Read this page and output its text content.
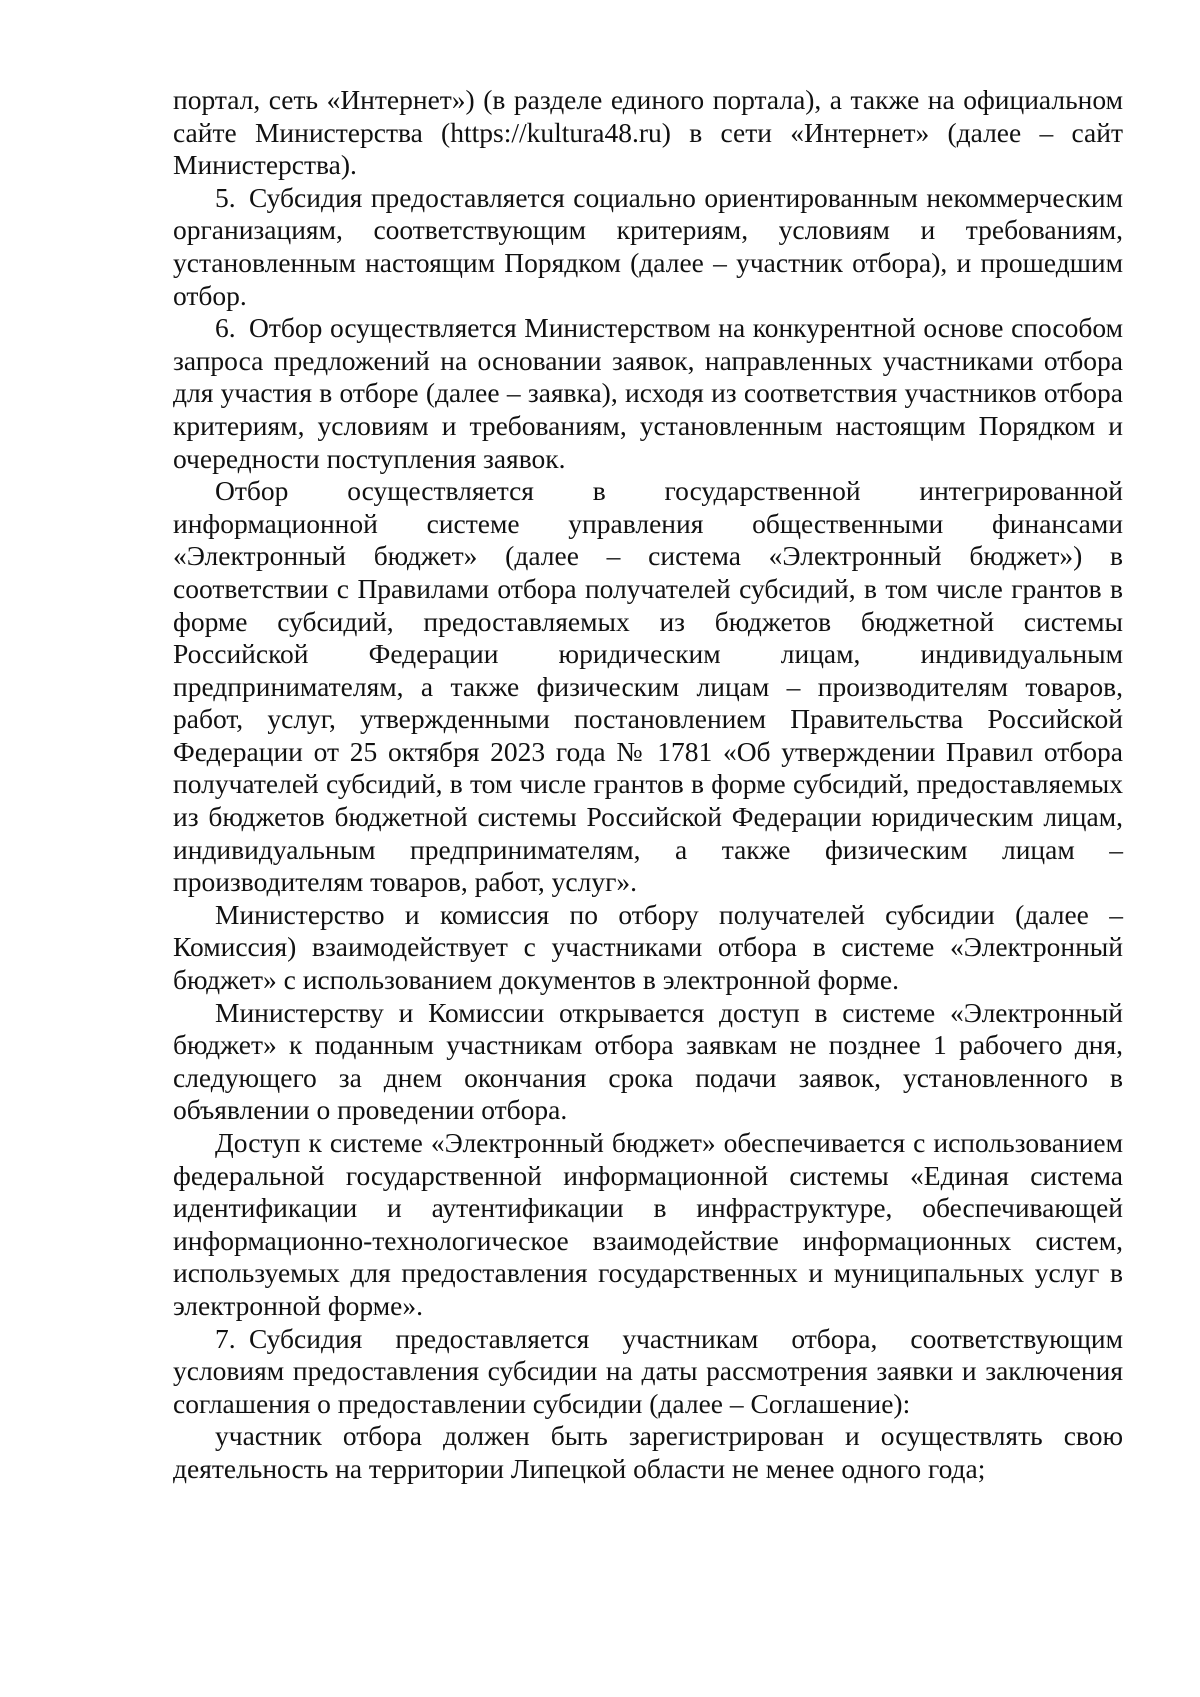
портал, сеть «Интернет») (в разделе единого портала), а также на официальном сайте Министерства (https://kultura48.ru) в сети «Интернет» (далее – сайт Министерства).

5. Субсидия предоставляется социально ориентированным некоммерческим организациям, соответствующим критериям, условиям и требованиям, установленным настоящим Порядком (далее – участник отбора), и прошедшим отбор.

6. Отбор осуществляется Министерством на конкурентной основе способом запроса предложений на основании заявок, направленных участниками отбора для участия в отборе (далее – заявка), исходя из соответствия участников отбора критериям, условиям и требованиям, установленным настоящим Порядком и очередности поступления заявок.

Отбор осуществляется в государственной интегрированной информационной системе управления общественными финансами «Электронный бюджет» (далее – система «Электронный бюджет») в соответствии с Правилами отбора получателей субсидий, в том числе грантов в форме субсидий, предоставляемых из бюджетов бюджетной системы Российской Федерации юридическим лицам, индивидуальным предпринимателям, а также физическим лицам – производителям товаров, работ, услуг, утвержденными постановлением Правительства Российской Федерации от 25 октября 2023 года № 1781 «Об утверждении Правил отбора получателей субсидий, в том числе грантов в форме субсидий, предоставляемых из бюджетов бюджетной системы Российской Федерации юридическим лицам, индивидуальным предпринимателям, а также физическим лицам – производителям товаров, работ, услуг».

Министерство и комиссия по отбору получателей субсидии (далее – Комиссия) взаимодействует с участниками отбора в системе «Электронный бюджет» с использованием документов в электронной форме.

Министерству и Комиссии открывается доступ в системе «Электронный бюджет» к поданным участникам отбора заявкам не позднее 1 рабочего дня, следующего за днем окончания срока подачи заявок, установленного в объявлении о проведении отбора.

Доступ к системе «Электронный бюджет» обеспечивается с использованием федеральной государственной информационной системы «Единая система идентификации и аутентификации в инфраструктуре, обеспечивающей информационно-технологическое взаимодействие информационных систем, используемых для предоставления государственных и муниципальных услуг в электронной форме».

7. Субсидия предоставляется участникам отбора, соответствующим условиям предоставления субсидии на даты рассмотрения заявки и заключения соглашения о предоставлении субсидии (далее – Соглашение):

участник отбора должен быть зарегистрирован и осуществлять свою деятельность на территории Липецкой области не менее одного года;
